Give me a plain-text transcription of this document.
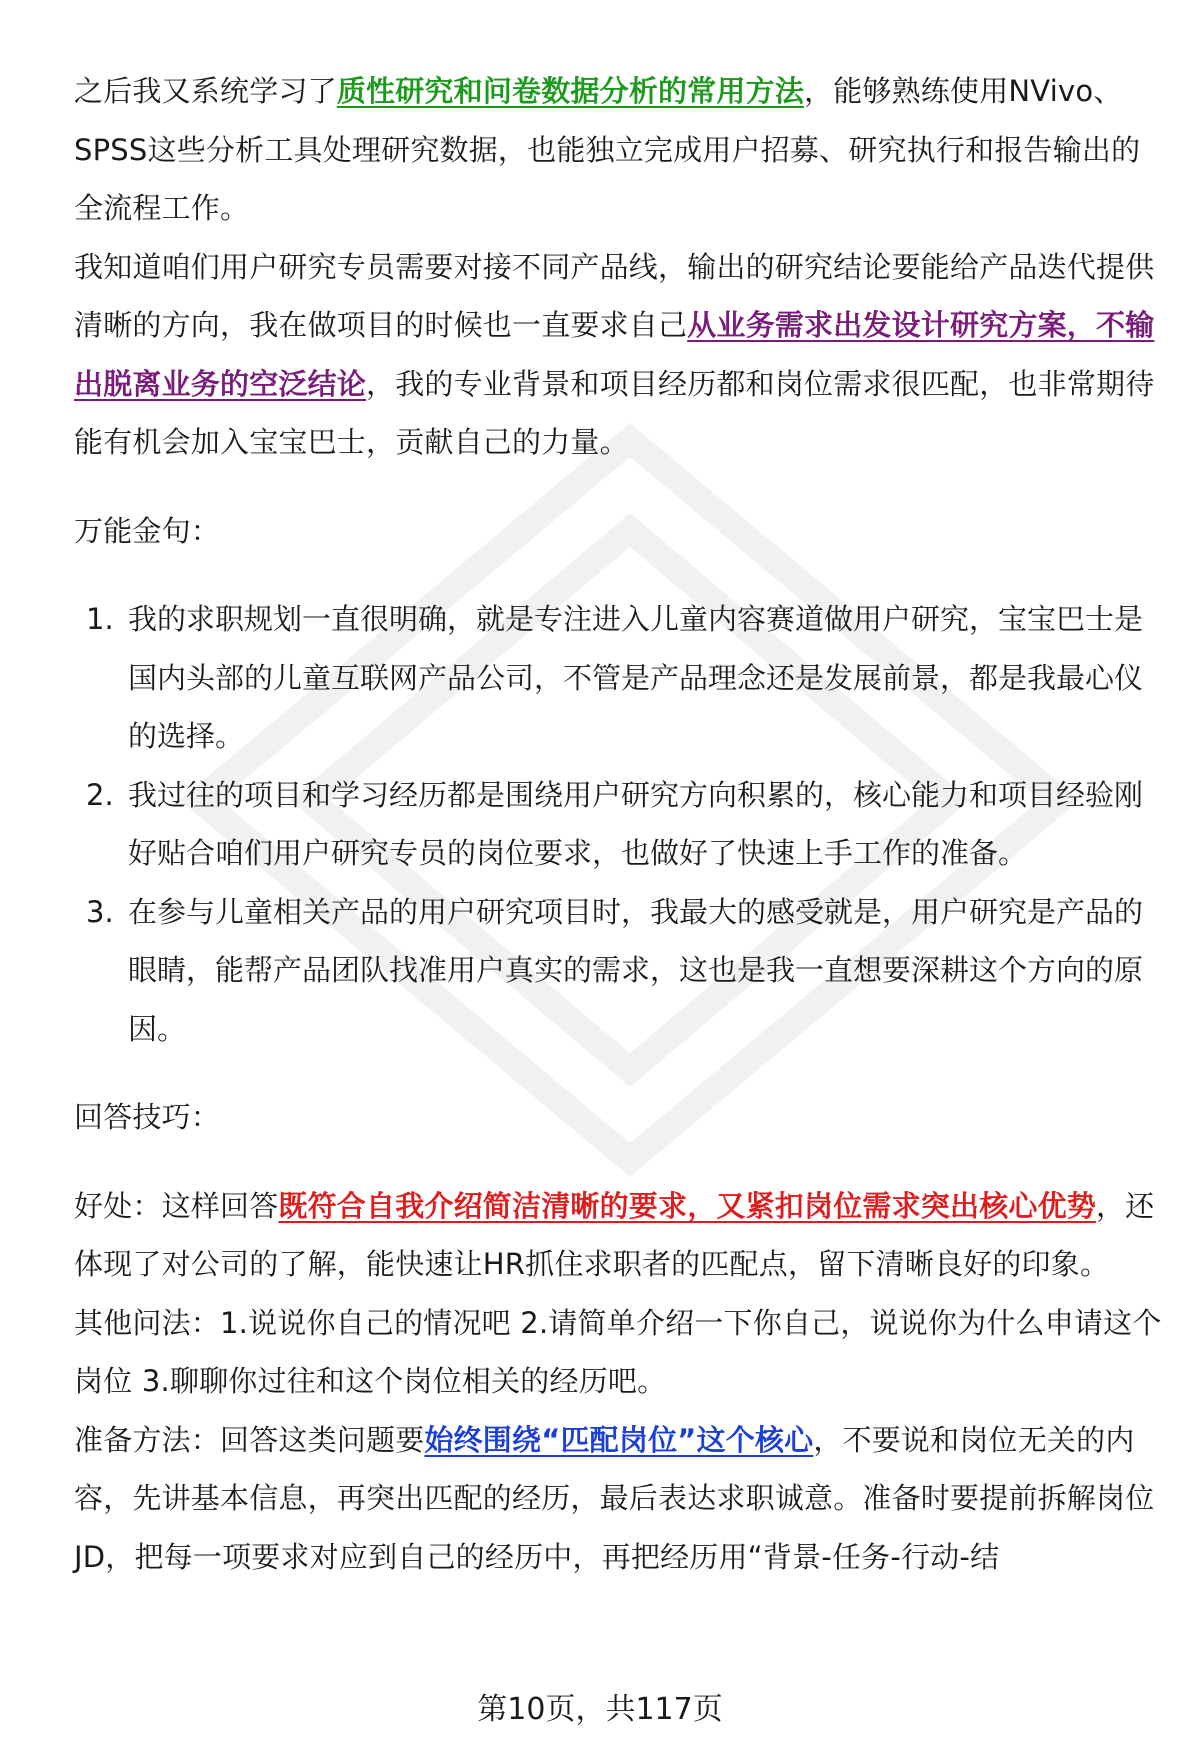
之后我又系统学习了质性研究和问卷数据分析的常用方法，能够熟练使用NVivo、SPSS这些分析工具处理研究数据，也能独立完成用户招募、研究执行和报告输出的全流程工作。

我知道咱们用户研究专员需要对接不同产品线，输出的研究结论要能给产品迭代提供清晰的方向，我在做项目的时候也一直要求自己从业务需求出发设计研究方案，不输出脱离业务的空泛结论，我的专业背景和项目经历都和岗位需求很匹配，也非常期待能有机会加入宝宝巴士，贡献自己的力量。

万能金句：

1. 我的求职规划一直很明确，就是专注进入儿童内容赛道做用户研究，宝宝巴士是国内头部的儿童互联网产品公司，不管是产品理念还是发展前景，都是我最心仪的选择。
2. 我过往的项目和学习经历都是围绕用户研究方向积累的，核心能力和项目经验刚好贴合咱们用户研究专员的岗位要求，也做好了快速上手工作的准备。
3. 在参与儿童相关产品的用户研究项目时，我最大的感受就是，用户研究是产品的眼睛，能帮产品团队找准用户真实的需求，这也是我一直想要深耕这个方向的原因。

回答技巧：

好处：这样回答既符合自我介绍简洁清晰的要求，又紧扣岗位需求突出核心优势，还体现了对公司的了解，能快速让HR抓住求职者的匹配点，留下清晰良好的印象。

其他问法：1.说说你自己的情况吧 2.请简单介绍一下你自己，说说你为什么申请这个岗位 3.聊聊你过往和这个岗位相关的经历吧。

准备方法：回答这类问题要始终围绕“匹配岗位”这个核心，不要说和岗位无关的内容，先讲基本信息，再突出匹配的经历，最后表达求职诚意。准备时要提前拆解岗位JD，把每一项要求对应到自己的经历中，再把经历用“背景-任务-行动-结

第10页，共117页
